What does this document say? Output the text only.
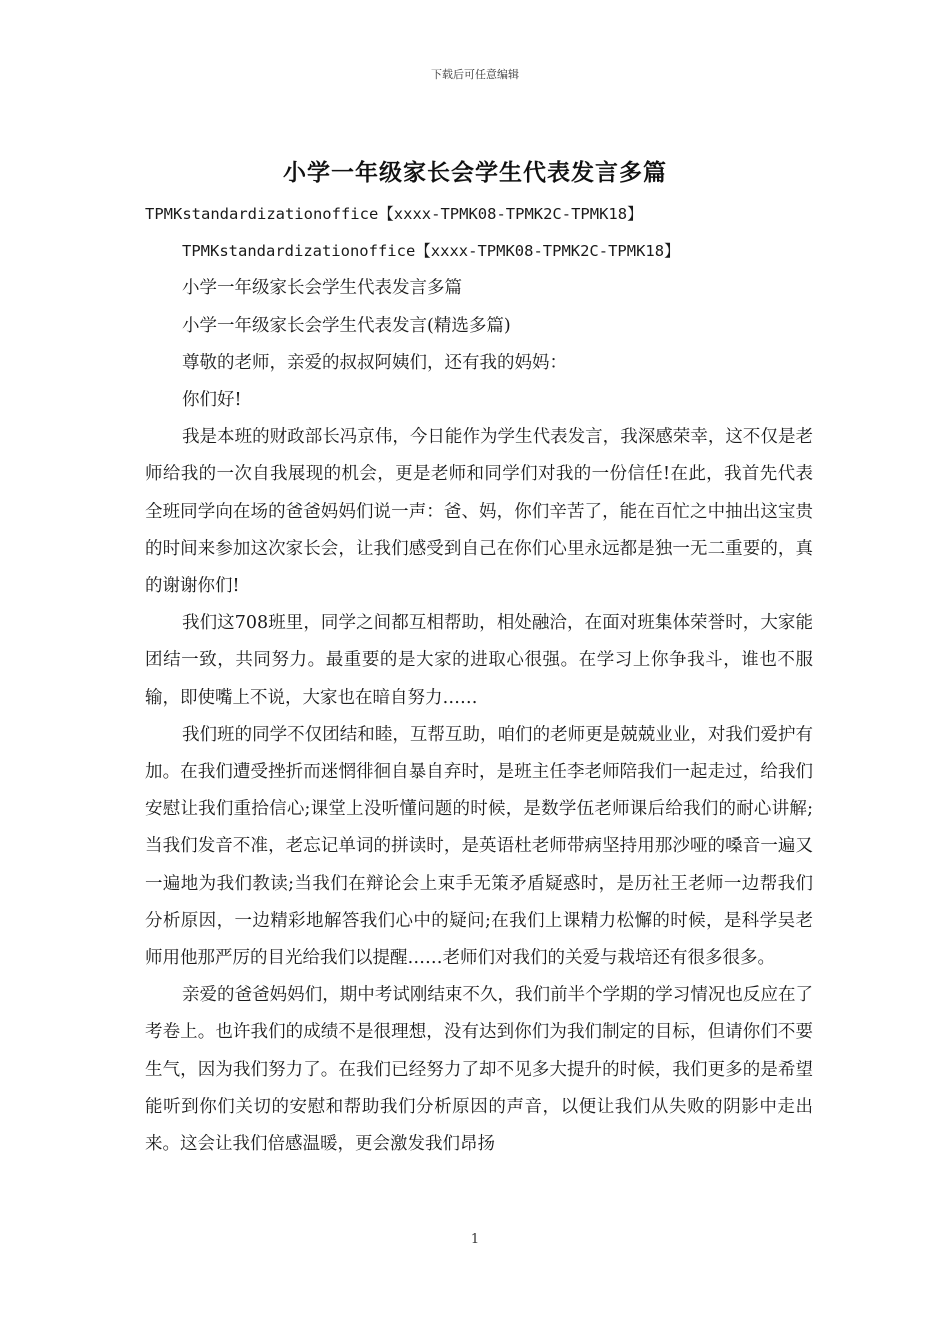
下载后可任意编辑
小学一年级家长会学生代表发言多篇

TPMKstandardizationoffice【xxxx-TPMK08-TPMK2C-TPMK18】

TPMKstandardizationoffice【xxxx-TPMK08-TPMK2C-TPMK18】

小学一年级家长会学生代表发言多篇

小学一年级家长会学生代表发言(精选多篇)

尊敬的老师，亲爱的叔叔阿姨们，还有我的妈妈：

你们好!

我是本班的财政部长冯京伟，今日能作为学生代表发言，我深感荣幸，这不仅是老师给我的一次自我展现的机会，更是老师和同学们对我的一份信任!在此，我首先代表全班同学向在场的爸爸妈妈们说一声：爸、妈，你们辛苦了，能在百忙之中抽出这宝贵的时间来参加这次家长会，让我们感受到自己在你们心里永远都是独一无二重要的，真的谢谢你们!

我们这708班里，同学之间都互相帮助，相处融洽，在面对班集体荣誉时，大家能团结一致，共同努力。最重要的是大家的进取心很强。在学习上你争我斗，谁也不服输，即使嘴上不说，大家也在暗自努力……

我们班的同学不仅团结和睦，互帮互助，咱们的老师更是兢兢业业，对我们爱护有加。在我们遭受挫折而迷惘徘徊自暴自弃时，是班主任李老师陪我们一起走过，给我们安慰让我们重拾信心;课堂上没听懂问题的时候，是数学伍老师课后给我们的耐心讲解;当我们发音不准，老忘记单词的拼读时，是英语杜老师带病坚持用那沙哑的嗓音一遍又一遍地为我们教读;当我们在辩论会上束手无策矛盾疑惑时，是历社王老师一边帮我们分析原因，一边精彩地解答我们心中的疑问;在我们上课精力松懈的时候，是科学吴老师用他那严厉的目光给我们以提醒……老师们对我们的关爱与栽培还有很多很多。

亲爱的爸爸妈妈们，期中考试刚结束不久，我们前半个学期的学习情况也反应在了考卷上。也许我们的成绩不是很理想，没有达到你们为我们制定的目标，但请你们不要生气，因为我们努力了。在我们已经努力了却不见多大提升的时候，我们更多的是希望能听到你们关切的安慰和帮助我们分析原因的声音，以便让我们从失败的阴影中走出来。这会让我们倍感温暖，更会激发我们昂扬

1
